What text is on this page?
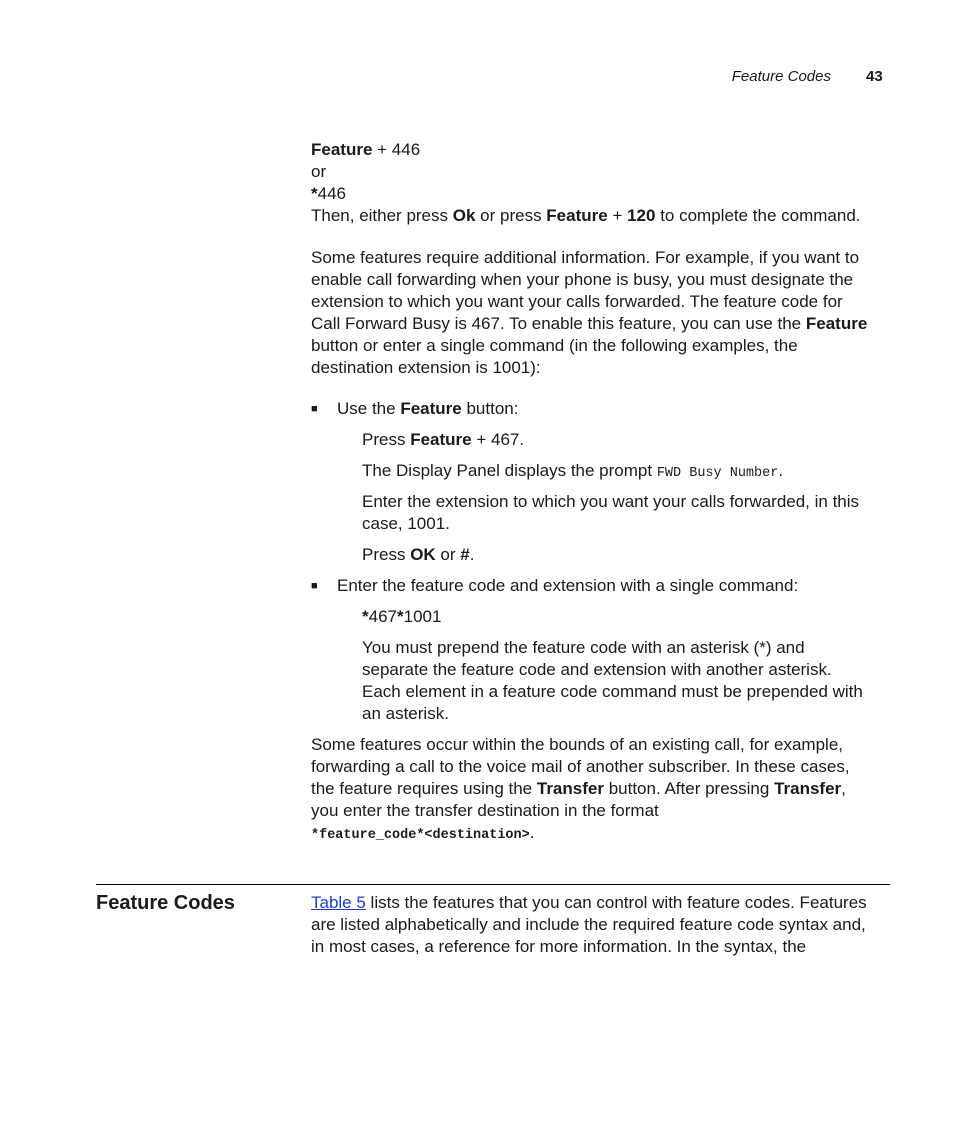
Feature Codes 43
Feature + 446
or
*446
Then, either press Ok or press Feature + 120 to complete the command.
Some features require additional information. For example, if you want to
enable call forwarding when your phone is busy, you must designate the
extension to which you want your calls forwarded. The feature code for
Call Forward Busy is 467. To enable this feature, you can use the Feature
button or enter a single command (in the following examples, the
destination extension is 1001):
■ Use the Feature button:
Press Feature + 467.
The Display Panel displays the prompt FWD Busy Number.
Enter the extension to which you want your calls forwarded, in this
case, 1001.
Press OK or #.
■ Enter the feature code and extension with a single command:
*467*1001
You must prepend the feature code with an asterisk (*) and
separate the feature code and extension with another asterisk.
Each element in a feature code command must be prepended with
an asterisk.
Some features occur within the bounds of an existing call, for example,
forwarding a call to the voice mail of another subscriber. In these cases,
the feature requires using the Transfer button. After pressing Transfer,
you enter the transfer destination in the format
*feature_code*<destination>.
Feature Codes	Table 5 lists the features that you can control with feature codes. Features
are listed alphabetically and include the required feature code syntax and,
in most cases, a reference for more information. In the syntax, the
